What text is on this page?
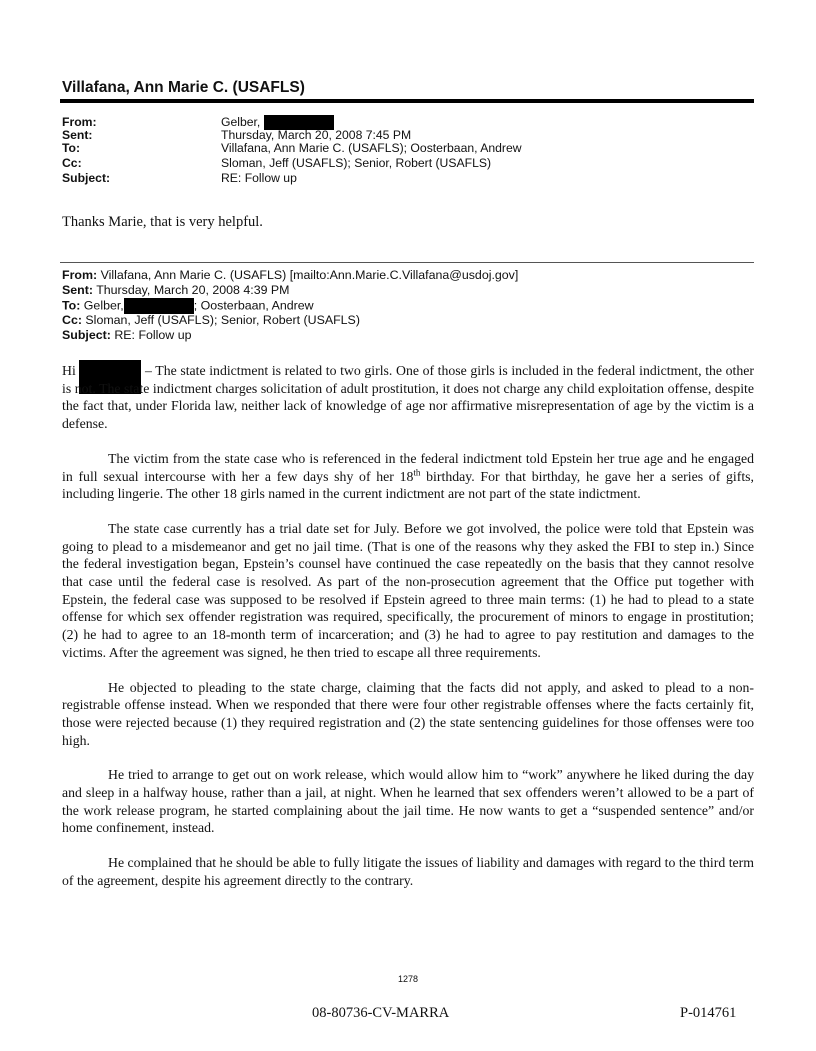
Villafana, Ann Marie C. (USAFLS)
From:	Gelber,
Sent:	Thursday, March 20, 2008 7:45 PM
To:	Villafana, Ann Marie C. (USAFLS); Oosterbaan, Andrew
Cc:	Sloman, Jeff (USAFLS); Senior, Robert (USAFLS)
Subject:	RE: Follow up
Thanks Marie, that is very helpful.
From: Villafana, Ann Marie C. (USAFLS) [mailto:Ann.Marie.C.Villafana@usdoj.gov]
Sent: Thursday, March 20, 2008 4:39 PM
To: Gelber,	; Oosterbaan, Andrew
Cc: Sloman, Jeff (USAFLS); Senior, Robert (USAFLS)
Subject: RE: Follow up

Hi	– The state indictment is related to two girls. One of those girls is included in the federal indictment, the other is not. The state indictment charges solicitation of adult prostitution, it does not charge any child exploitation offense, despite the fact that, under Florida law, neither lack of knowledge of age nor affirmative misrepresentation of age by the victim is a defense.

The victim from the state case who is referenced in the federal indictment told Epstein her true age and he engaged in full sexual intercourse with her a few days shy of her 18th birthday. For that birthday, he gave her a series of gifts, including lingerie. The other 18 girls named in the current indictment are not part of the state indictment.

The state case currently has a trial date set for July. Before we got involved, the police were told that Epstein was going to plead to a misdemeanor and get no jail time. (That is one of the reasons why they asked the FBI to step in.) Since the federal investigation began, Epstein’s counsel have continued the case repeatedly on the basis that they cannot resolve that case until the federal case is resolved. As part of the non-prosecution agreement that the Office put together with Epstein, the federal case was supposed to be resolved if Epstein agreed to three main terms: (1) he had to plead to a state offense for which sex offender registration was required, specifically, the procurement of minors to engage in prostitution; (2) he had to agree to an 18-month term of incarceration; and (3) he had to agree to pay restitution and damages to the victims. After the agreement was signed, he then tried to escape all three requirements.

He objected to pleading to the state charge, claiming that the facts did not apply, and asked to plead to a non-registrable offense instead. When we responded that there were four other registrable offenses where the facts certainly fit, those were rejected because (1) they required registration and (2) the state sentencing guidelines for those offenses were too high.

He tried to arrange to get out on work release, which would allow him to “work” anywhere he liked during the day and sleep in a halfway house, rather than a jail, at night. When he learned that sex offenders weren’t allowed to be a part of the work release program, he started complaining about the jail time. He now wants to get a “suspended sentence” and/or home confinement, instead.

He complained that he should be able to fully litigate the issues of liability and damages with regard to the third term of the agreement, despite his agreement directly to the contrary.

1278
08-80736-CV-MARRA	P-014761
